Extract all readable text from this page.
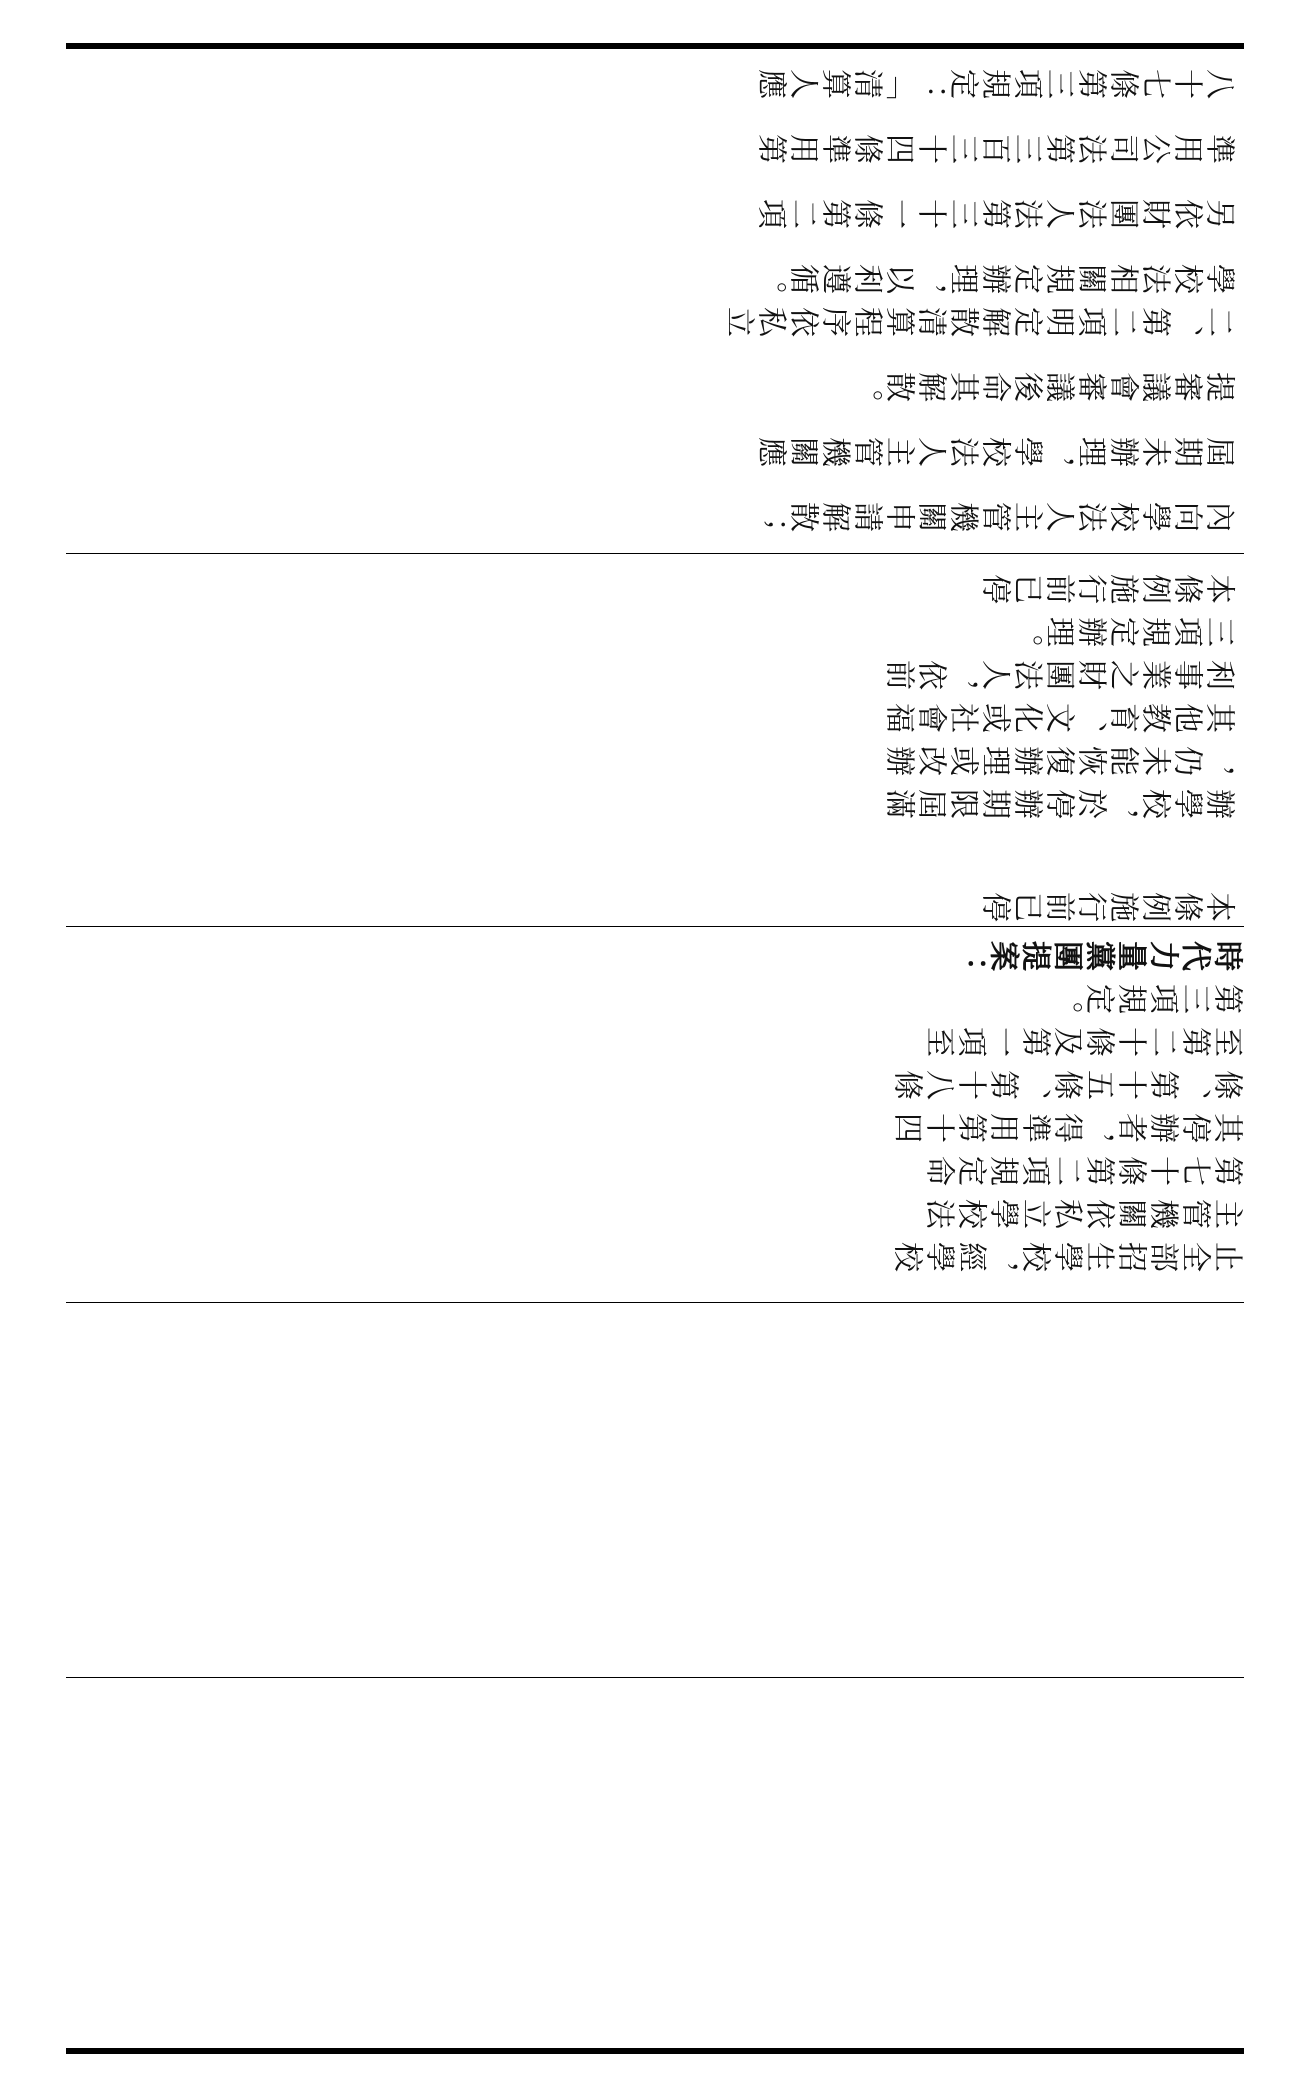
內向學校法人主管機關申請解散；
屆期未辦理，學校法人主管機關應
提審議會審議後命其解散。
二、第二項明定解散清算程序依私立
學校法相關規定辦理，以利遵循。
另依財團法人法第三十一條第二項
準用公司法第三百三十四條準用第
八十七條第三項規定：「清算人應
本條例施行前已停
辦學校，於停辦期限屆滿
，仍未能恢復辦理或改辦
其他教育、文化或社會福
利事業之財團法人，依前
三項規定辦理。
本條例施行前已停
止全部招生學校，經學校
主管機關依私立學校法
第七十條第二項規定命
其停辦者，得準用第十四
條、第十五條、第十八條
至第二十條及第一項至
第三項規定。
時代力量黨團提案：
